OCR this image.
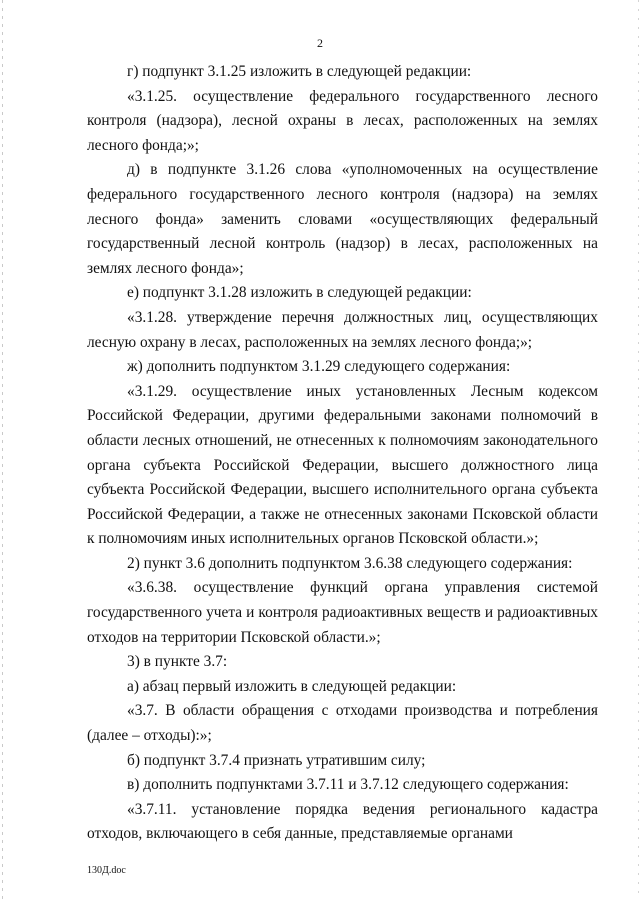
2

г) подпункт 3.1.25 изложить в следующей редакции:

«3.1.25. осуществление федерального государственного лесного контроля (надзора), лесной охраны в лесах, расположенных на землях лесного фонда;»;

д) в подпункте 3.1.26 слова «уполномоченных на осуществление федерального государственного лесного контроля (надзора) на землях лесного фонда» заменить словами «осуществляющих федеральный государственный лесной контроль (надзор) в лесах, расположенных на землях лесного фонда»;

е) подпункт 3.1.28 изложить в следующей редакции:

«3.1.28. утверждение перечня должностных лиц, осуществляющих лесную охрану в лесах, расположенных на землях лесного фонда;»;

ж) дополнить подпунктом 3.1.29 следующего содержания:

«3.1.29. осуществление иных установленных Лесным кодексом Российской Федерации, другими федеральными законами полномочий в области лесных отношений, не отнесенных к полномочиям законодательного органа субъекта Российской Федерации, высшего должностного лица субъекта Российской Федерации, высшего исполнительного органа субъекта Российской Федерации, а также не отнесенных законами Псковской области к полномочиям иных исполнительных органов Псковской области.»;

2) пункт 3.6 дополнить подпунктом 3.6.38 следующего содержания:

«3.6.38. осуществление функций органа управления системой государственного учета и контроля радиоактивных веществ и радиоактивных отходов на территории Псковской области.»;

3) в пункте 3.7:

а) абзац первый изложить в следующей редакции:

«3.7. В области обращения с отходами производства и потребления (далее – отходы):»;

б) подпункт 3.7.4 признать утратившим силу;

в) дополнить подпунктами 3.7.11 и 3.7.12 следующего содержания:

«3.7.11. установление порядка ведения регионального кадастра отходов, включающего в себя данные, представляемые органами

130Д.doc
